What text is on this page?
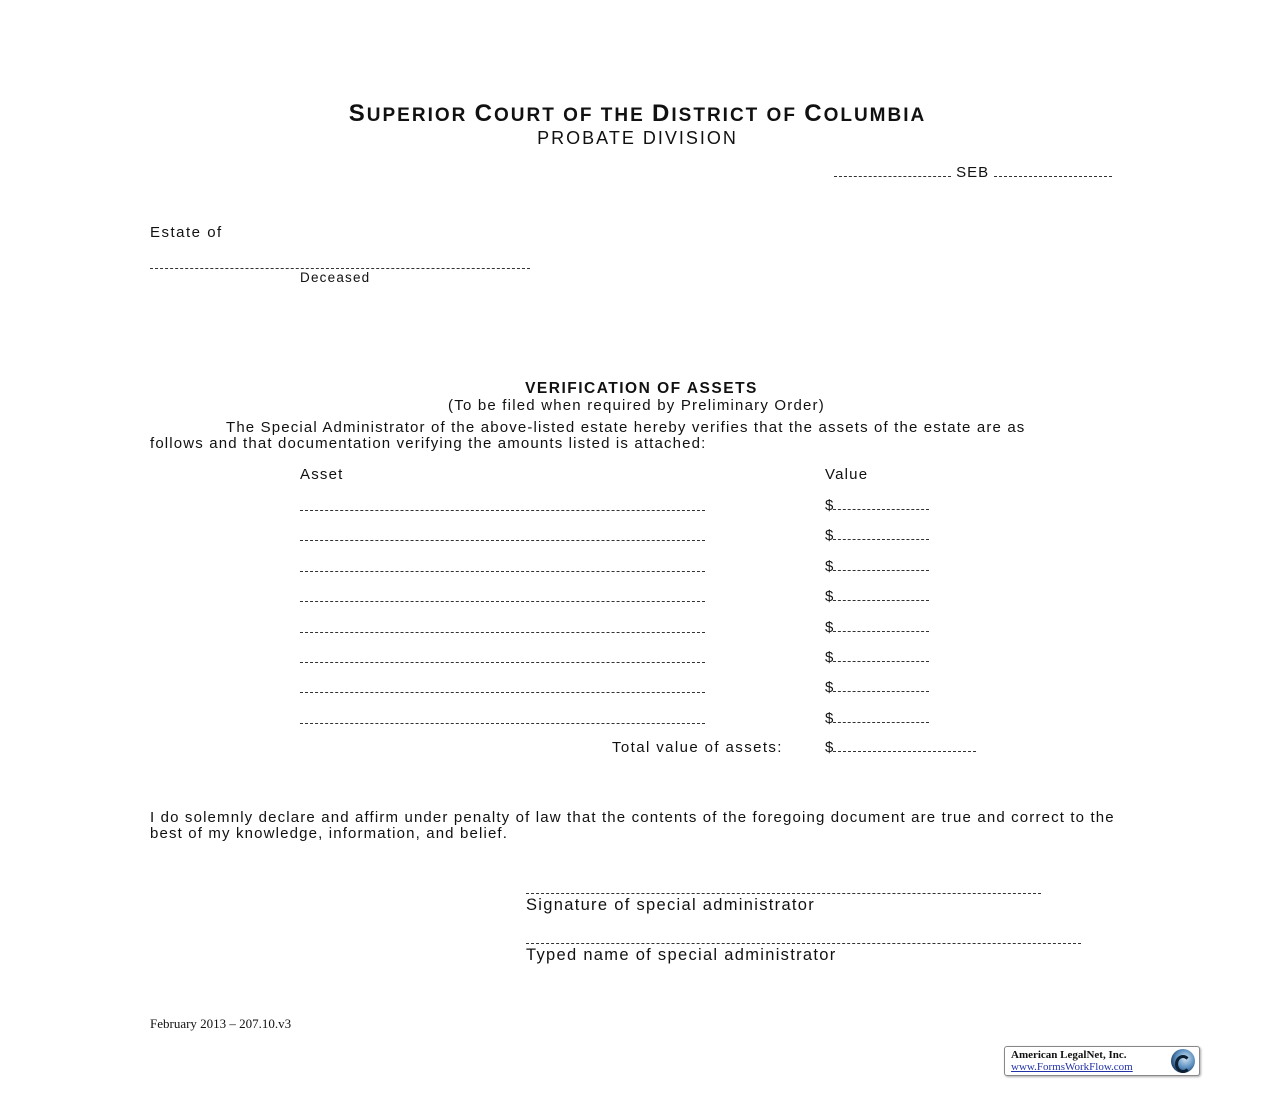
SUPERIOR COURT OF THE DISTRICT OF COLUMBIA
PROBATE DIVISION
SEB
Estate of
Deceased
VERIFICATION OF ASSETS
(To be filed when required by Preliminary Order)
The Special Administrator of the above-listed estate hereby verifies that the assets of the estate are as follows and that documentation verifying the amounts listed is attached:
Asset	Value
$
$
$
$
$
$
$
$
Total value of assets:	$
I do solemnly declare and affirm under penalty of law that the contents of the foregoing document are true and correct to the best of my knowledge, information, and belief.
Signature of special administrator
Typed name of special administrator
February 2013 – 207.10.v3
American LegalNet, Inc.
www.FormsWorkFlow.com
